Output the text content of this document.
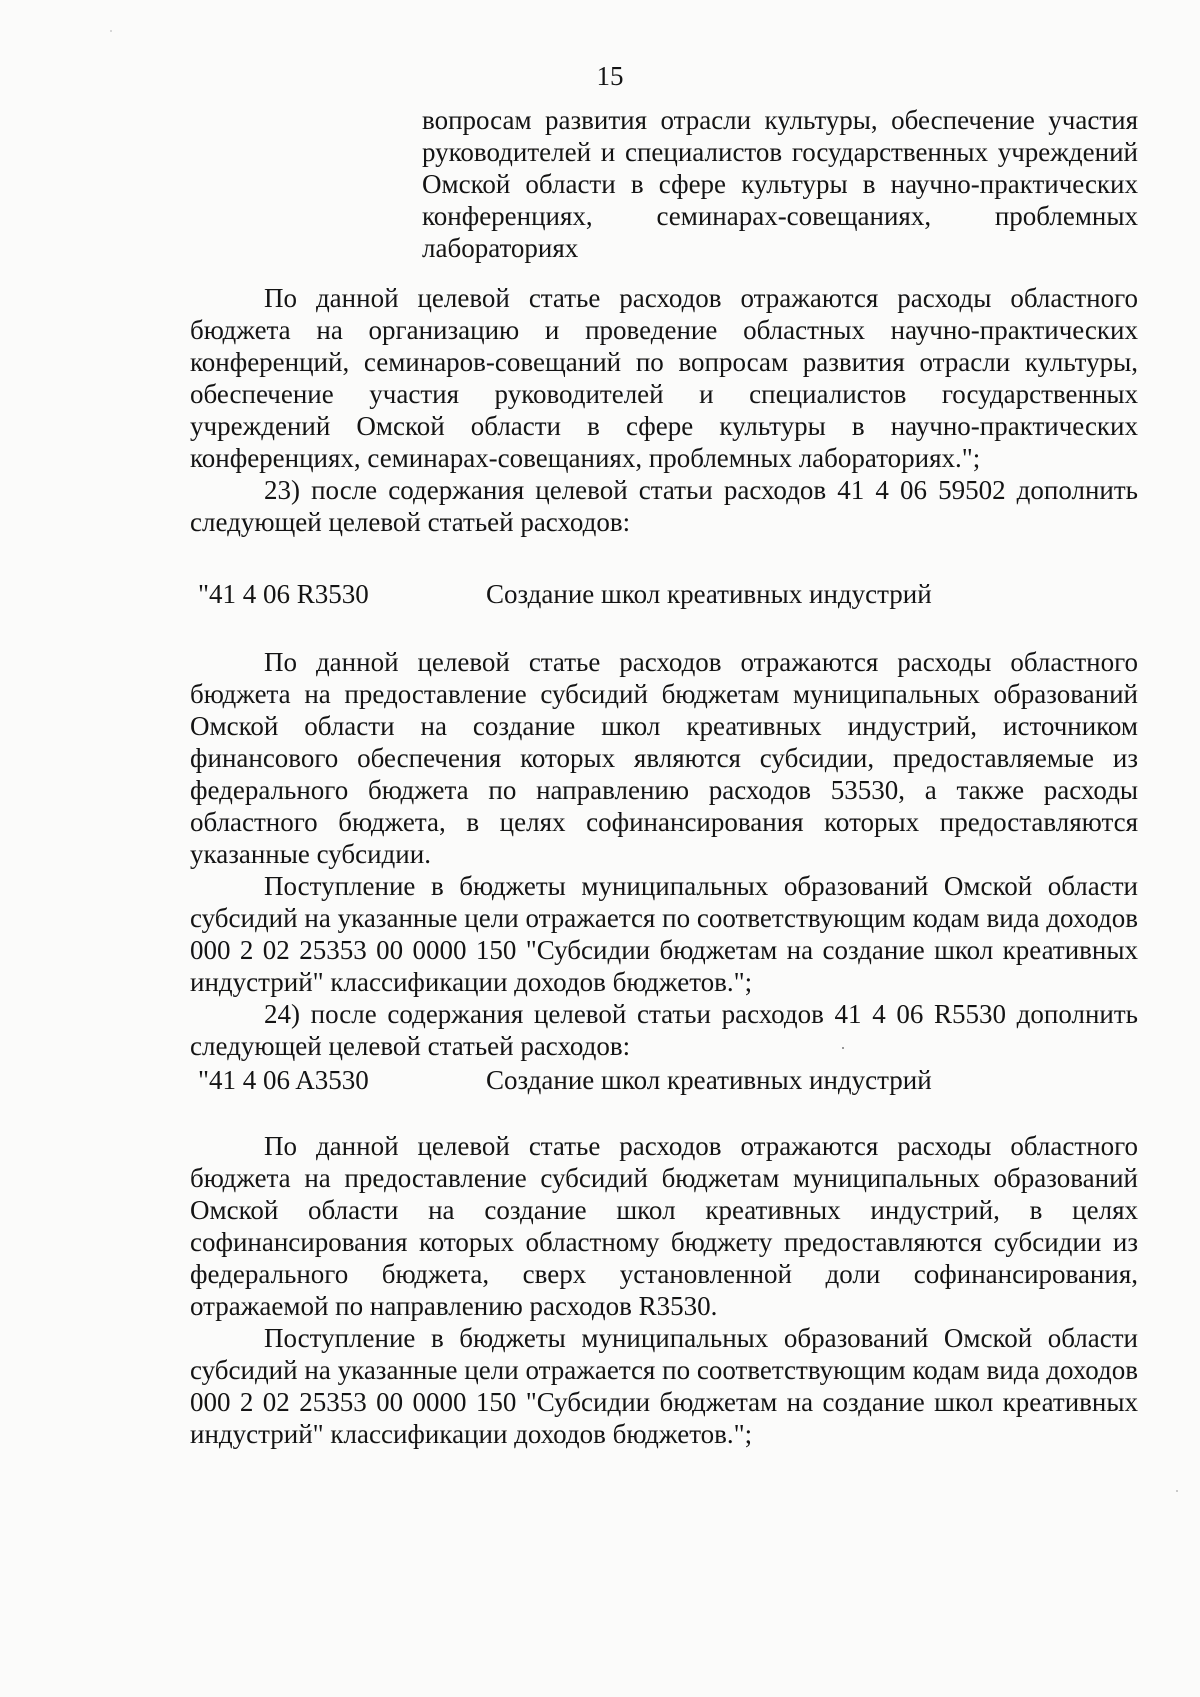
15

вопросам развития отрасли культуры, обеспечение участия руководителей и специалистов государственных учреждений Омской области в сфере культуры в научно-практических конференциях, семинарах-совещаниях, проблемных лабораториях

По данной целевой статье расходов отражаются расходы областного бюджета на организацию и проведение областных научно-практических конференций, семинаров-совещаний по вопросам развития отрасли культуры, обеспечение участия руководителей и специалистов государственных учреждений Омской области в сфере культуры в научно-практических конференциях, семинарах-совещаниях, проблемных лабораториях.";

23) после содержания целевой статьи расходов 41 4 06 59502 дополнить следующей целевой статьей расходов:

"41 4 06 R3530	Создание школ креативных индустрий

По данной целевой статье расходов отражаются расходы областного бюджета на предоставление субсидий бюджетам муниципальных образований Омской области на создание школ креативных индустрий, источником финансового обеспечения которых являются субсидии, предоставляемые из федерального бюджета по направлению расходов 53530, а также расходы областного бюджета, в целях софинансирования которых предоставляются указанные субсидии.

Поступление в бюджеты муниципальных образований Омской области субсидий на указанные цели отражается по соответствующим кодам вида доходов 000 2 02 25353 00 0000 150 "Субсидии бюджетам на создание школ креативных индустрий" классификации доходов бюджетов.";

24) после содержания целевой статьи расходов 41 4 06 R5530 дополнить следующей целевой статьей расходов:

"41 4 06 A3530	Создание школ креативных индустрий

По данной целевой статье расходов отражаются расходы областного бюджета на предоставление субсидий бюджетам муниципальных образований Омской области на создание школ креативных индустрий, в целях софинансирования которых областному бюджету предоставляются субсидии из федерального бюджета, сверх установленной доли софинансирования, отражаемой по направлению расходов R3530.

Поступление в бюджеты муниципальных образований Омской области субсидий на указанные цели отражается по соответствующим кодам вида доходов 000 2 02 25353 00 0000 150 "Субсидии бюджетам на создание школ креативных индустрий" классификации доходов бюджетов.";
